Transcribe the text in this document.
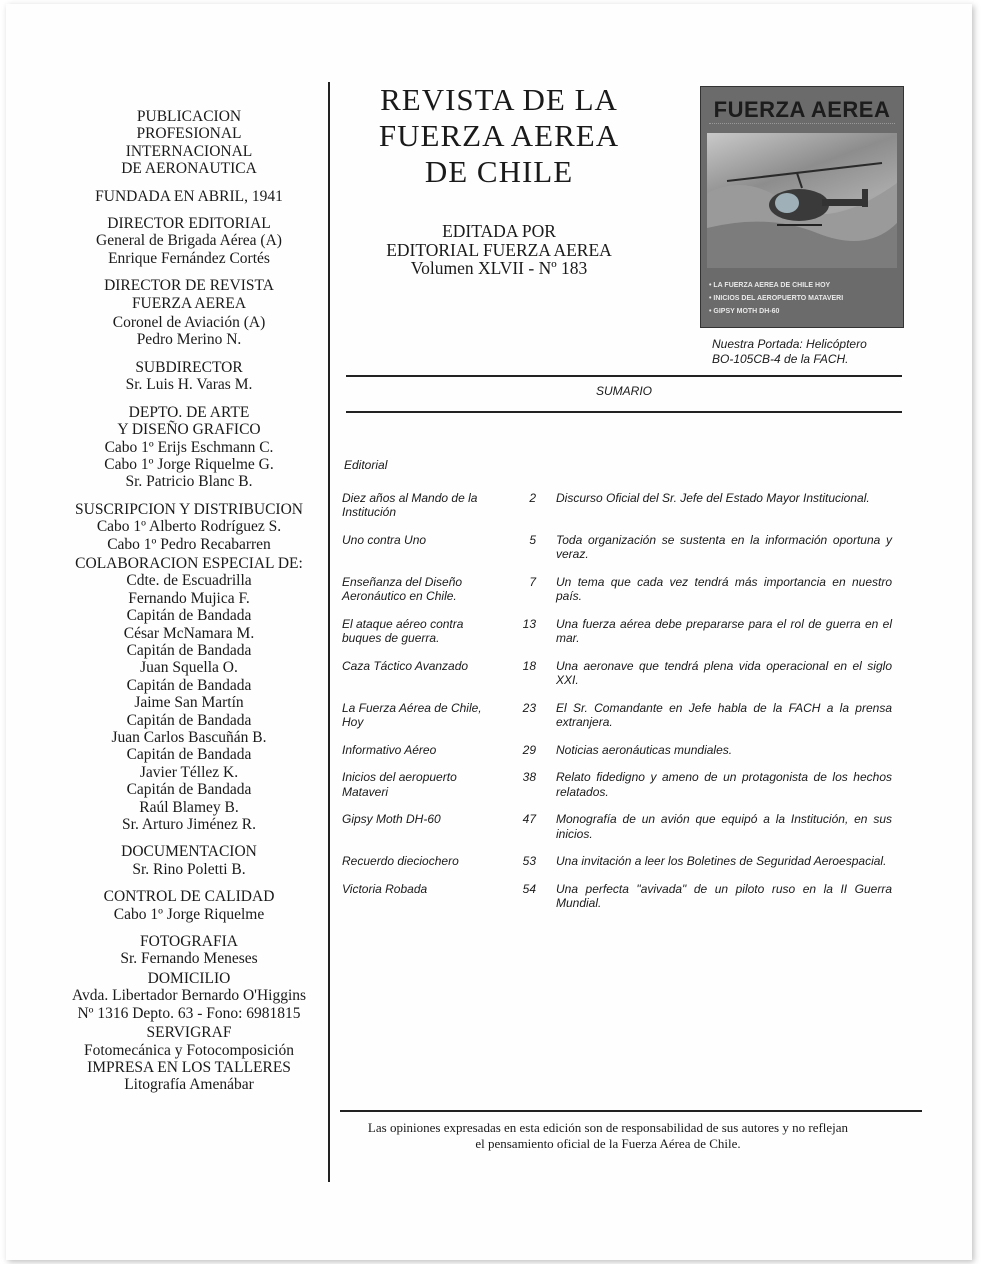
PUBLICACION
PROFESIONAL
INTERNACIONAL
DE AERONAUTICA
FUNDADA EN ABRIL, 1941
DIRECTOR EDITORIAL
General de Brigada Aérea (A)
Enrique Fernández Cortés
DIRECTOR DE REVISTA
FUERZA AEREA
Coronel de Aviación (A)
Pedro Merino N.
SUBDIRECTOR
Sr. Luis H. Varas M.
DEPTO. DE ARTE
Y DISEÑO GRAFICO
Cabo 1º Erijs Eschmann C.
Cabo 1º Jorge Riquelme G.
Sr. Patricio Blanc B.
SUSCRIPCION Y DISTRIBUCION
Cabo 1º Alberto Rodríguez S.
Cabo 1º Pedro Recabarren
COLABORACION ESPECIAL DE:
Cdte. de Escuadrilla
Fernando Mujica F.
Capitán de Bandada
César McNamara M.
Capitán de Bandada
Juan Squella O.
Capitán de Bandada
Jaime San Martín
Capitán de Bandada
Juan Carlos Bascuñán B.
Capitán de Bandada
Javier Téllez K.
Capitán de Bandada
Raúl Blamey B.
Sr. Arturo Jiménez R.
DOCUMENTACION
Sr. Rino Poletti B.
CONTROL DE CALIDAD
Cabo 1º Jorge Riquelme
FOTOGRAFIA
Sr. Fernando Meneses
DOMICILIO
Avda. Libertador Bernardo O'Higgins
Nº 1316 Depto. 63 - Fono: 6981815
SERVIGRAF
Fotomecánica y Fotocomposición
IMPRESA EN LOS TALLERES
Litografía Amenábar
REVISTA DE LA
FUERZA AEREA
DE CHILE
EDITADA POR
EDITORIAL FUERZA AEREA
Volumen XLVII - Nº 183
FUERZA AEREA
• LA FUERZA AEREA DE CHILE HOY
• INICIOS DEL AEROPUERTO MATAVERI
• GIPSY MOTH DH-60
Nuestra Portada: Helicóptero
BO-105CB-4 de la FACH.
SUMARIO
Editorial
Diez años al Mando de la Institución
2	Discurso Oficial del Sr. Jefe del Estado Mayor Institucional.
Uno contra Uno	5	Toda organización se sustenta en la información oportuna y veraz.
Enseñanza del Diseño Aeronáutico en Chile.
7	Un tema que cada vez tendrá más importancia en nuestro país.
El ataque aéreo contra buques de guerra.
13	Una fuerza aérea debe prepararse para el rol de guerra en el mar.
Caza Táctico Avanzado	18	Una aeronave que tendrá plena vida operacional en el siglo XXI.
La Fuerza Aérea de Chile, Hoy
23	El Sr. Comandante en Jefe habla de la FACH a la prensa extranjera.
Informativo Aéreo	29	Noticias aeronáuticas mundiales.
Inicios del aeropuerto Mataveri
38	Relato fidedigno y ameno de un protagonista de los hechos relatados.
Gipsy Moth DH-60	47	Monografía de un avión que equipó a la Institución, en sus inicios.
Recuerdo dieciochero	53	Una invitación a leer los Boletines de Seguridad Aeroespacial.
Victoria Robada	54	Una perfecta "avivada" de un piloto ruso en la II Guerra Mundial.
Las opiniones expresadas en esta edición son de responsabilidad de sus autores y no reflejan
el pensamiento oficial de la Fuerza Aérea de Chile.
